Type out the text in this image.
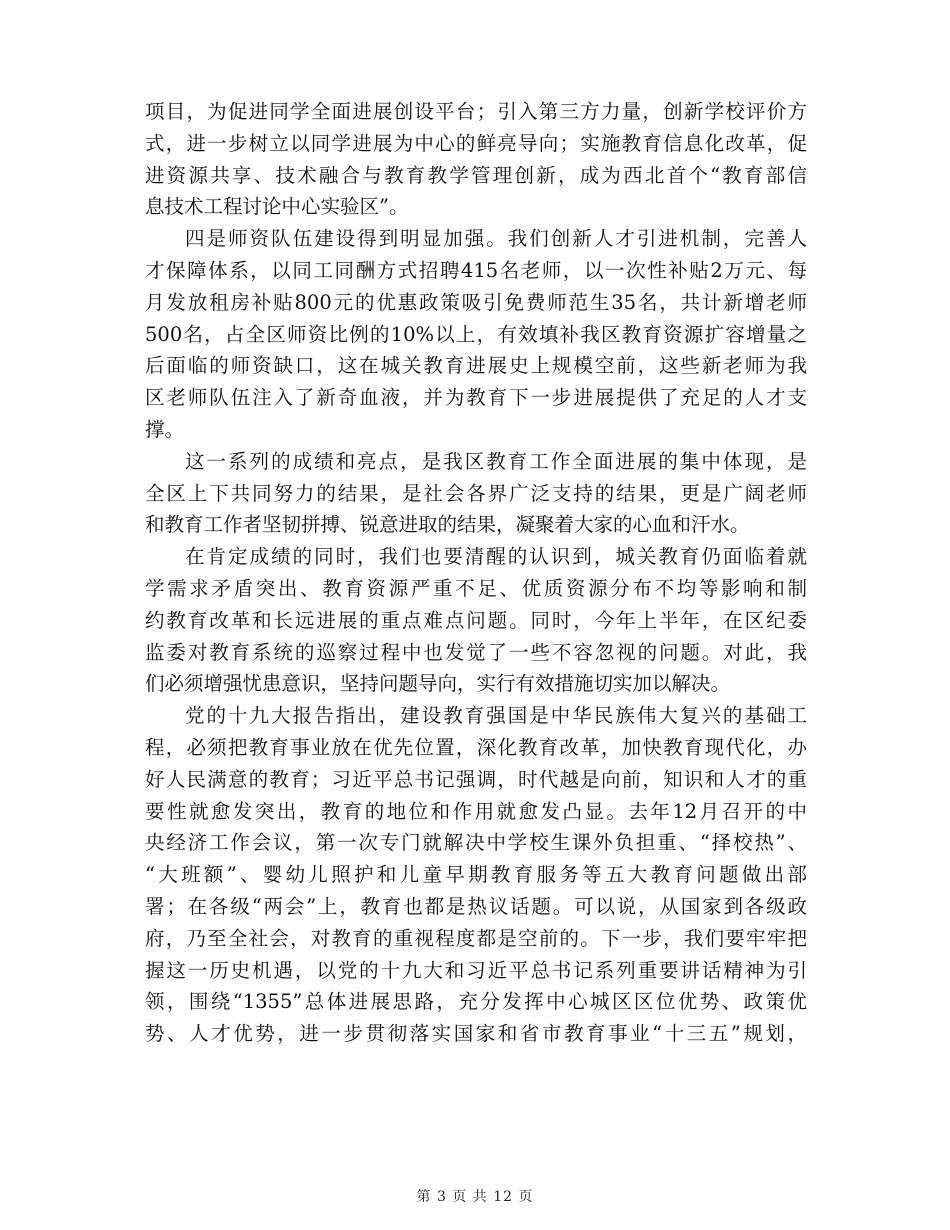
项目，为促进同学全面进展创设平台；引入第三方力量，创新学校评价方
式，进一步树立以同学进展为中心的鲜亮导向；实施教育信息化改革，促
进资源共享、技术融合与教育教学管理创新，成为西北首个“教育部信
息技术工程讨论中心实验区”。
四是师资队伍建设得到明显加强。我们创新人才引进机制，完善人
才保障体系，以同工同酬方式招聘415名老师，以一次性补贴2万元、每
月发放租房补贴800元的优惠政策吸引免费师范生35名，共计新增老师
500名，占全区师资比例的10%以上，有效填补我区教育资源扩容增量之
后面临的师资缺口，这在城关教育进展史上规模空前，这些新老师为我
区老师队伍注入了新奇血液，并为教育下一步进展提供了充足的人才支
撑。
这一系列的成绩和亮点，是我区教育工作全面进展的集中体现，是
全区上下共同努力的结果，是社会各界广泛支持的结果，更是广阔老师
和教育工作者坚韧拼搏、锐意进取的结果，凝聚着大家的心血和汗水。
在肯定成绩的同时，我们也要清醒的认识到，城关教育仍面临着就
学需求矛盾突出、教育资源严重不足、优质资源分布不均等影响和制
约教育改革和长远进展的重点难点问题。同时，今年上半年，在区纪委
监委对教育系统的巡察过程中也发觉了一些不容忽视的问题。对此，我
们必须增强忧患意识，坚持问题导向，实行有效措施切实加以解决。
党的十九大报告指出，建设教育强国是中华民族伟大复兴的基础工
程，必须把教育事业放在优先位置，深化教育改革，加快教育现代化，办
好人民满意的教育；习近平总书记强调，时代越是向前，知识和人才的重
要性就愈发突出，教育的地位和作用就愈发凸显。去年12月召开的中
央经济工作会议，第一次专门就解决中学校生课外负担重、“择校热”、
“大班额”、婴幼儿照护和儿童早期教育服务等五大教育问题做出部
署；在各级“两会”上，教育也都是热议话题。可以说，从国家到各级政
府，乃至全社会，对教育的重视程度都是空前的。下一步，我们要牢牢把
握这一历史机遇，以党的十九大和习近平总书记系列重要讲话精神为引
领，围绕“1355”总体进展思路，充分发挥中心城区区位优势、政策优
势、人才优势，进一步贯彻落实国家和省市教育事业“十三五”规划，
第 3 页 共 12 页
